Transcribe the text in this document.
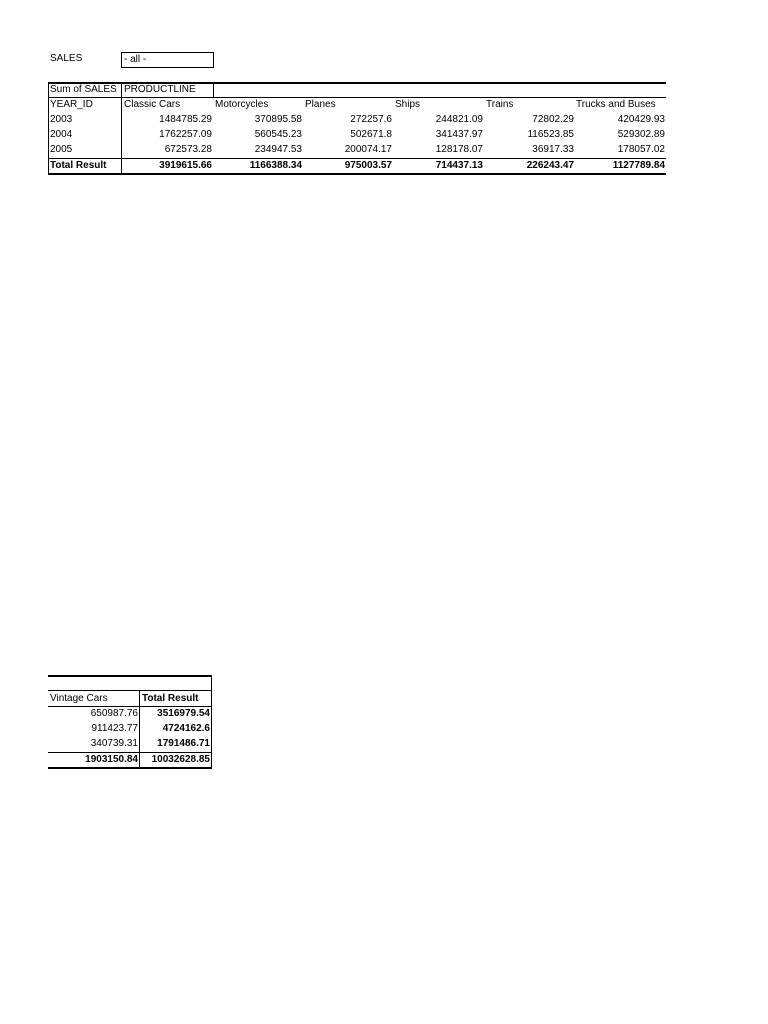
SALES	- all -
Sum of SALES PRODUCTLINE
YEAR_ID	Classic Cars	Motorcycles	Planes	Ships	Trains	Trucks and Buses
2003	1484785.29	370895.58	272257.6	244821.09	72802.29	420429.93
2004	1762257.09	560545.23	502671.8	341437.97	116523.85	529302.89
2005	672573.28	234947.53	200074.17	128178.07	36917.33	178057.02
Total Result	3919615.66	1166388.34	975003.57	714437.13	226243.47	1127789.84
Vintage Cars	Total Result
650987.76	3516979.54
911423.77	4724162.6
340739.31	1791486.71
1903150.84	10032628.85
